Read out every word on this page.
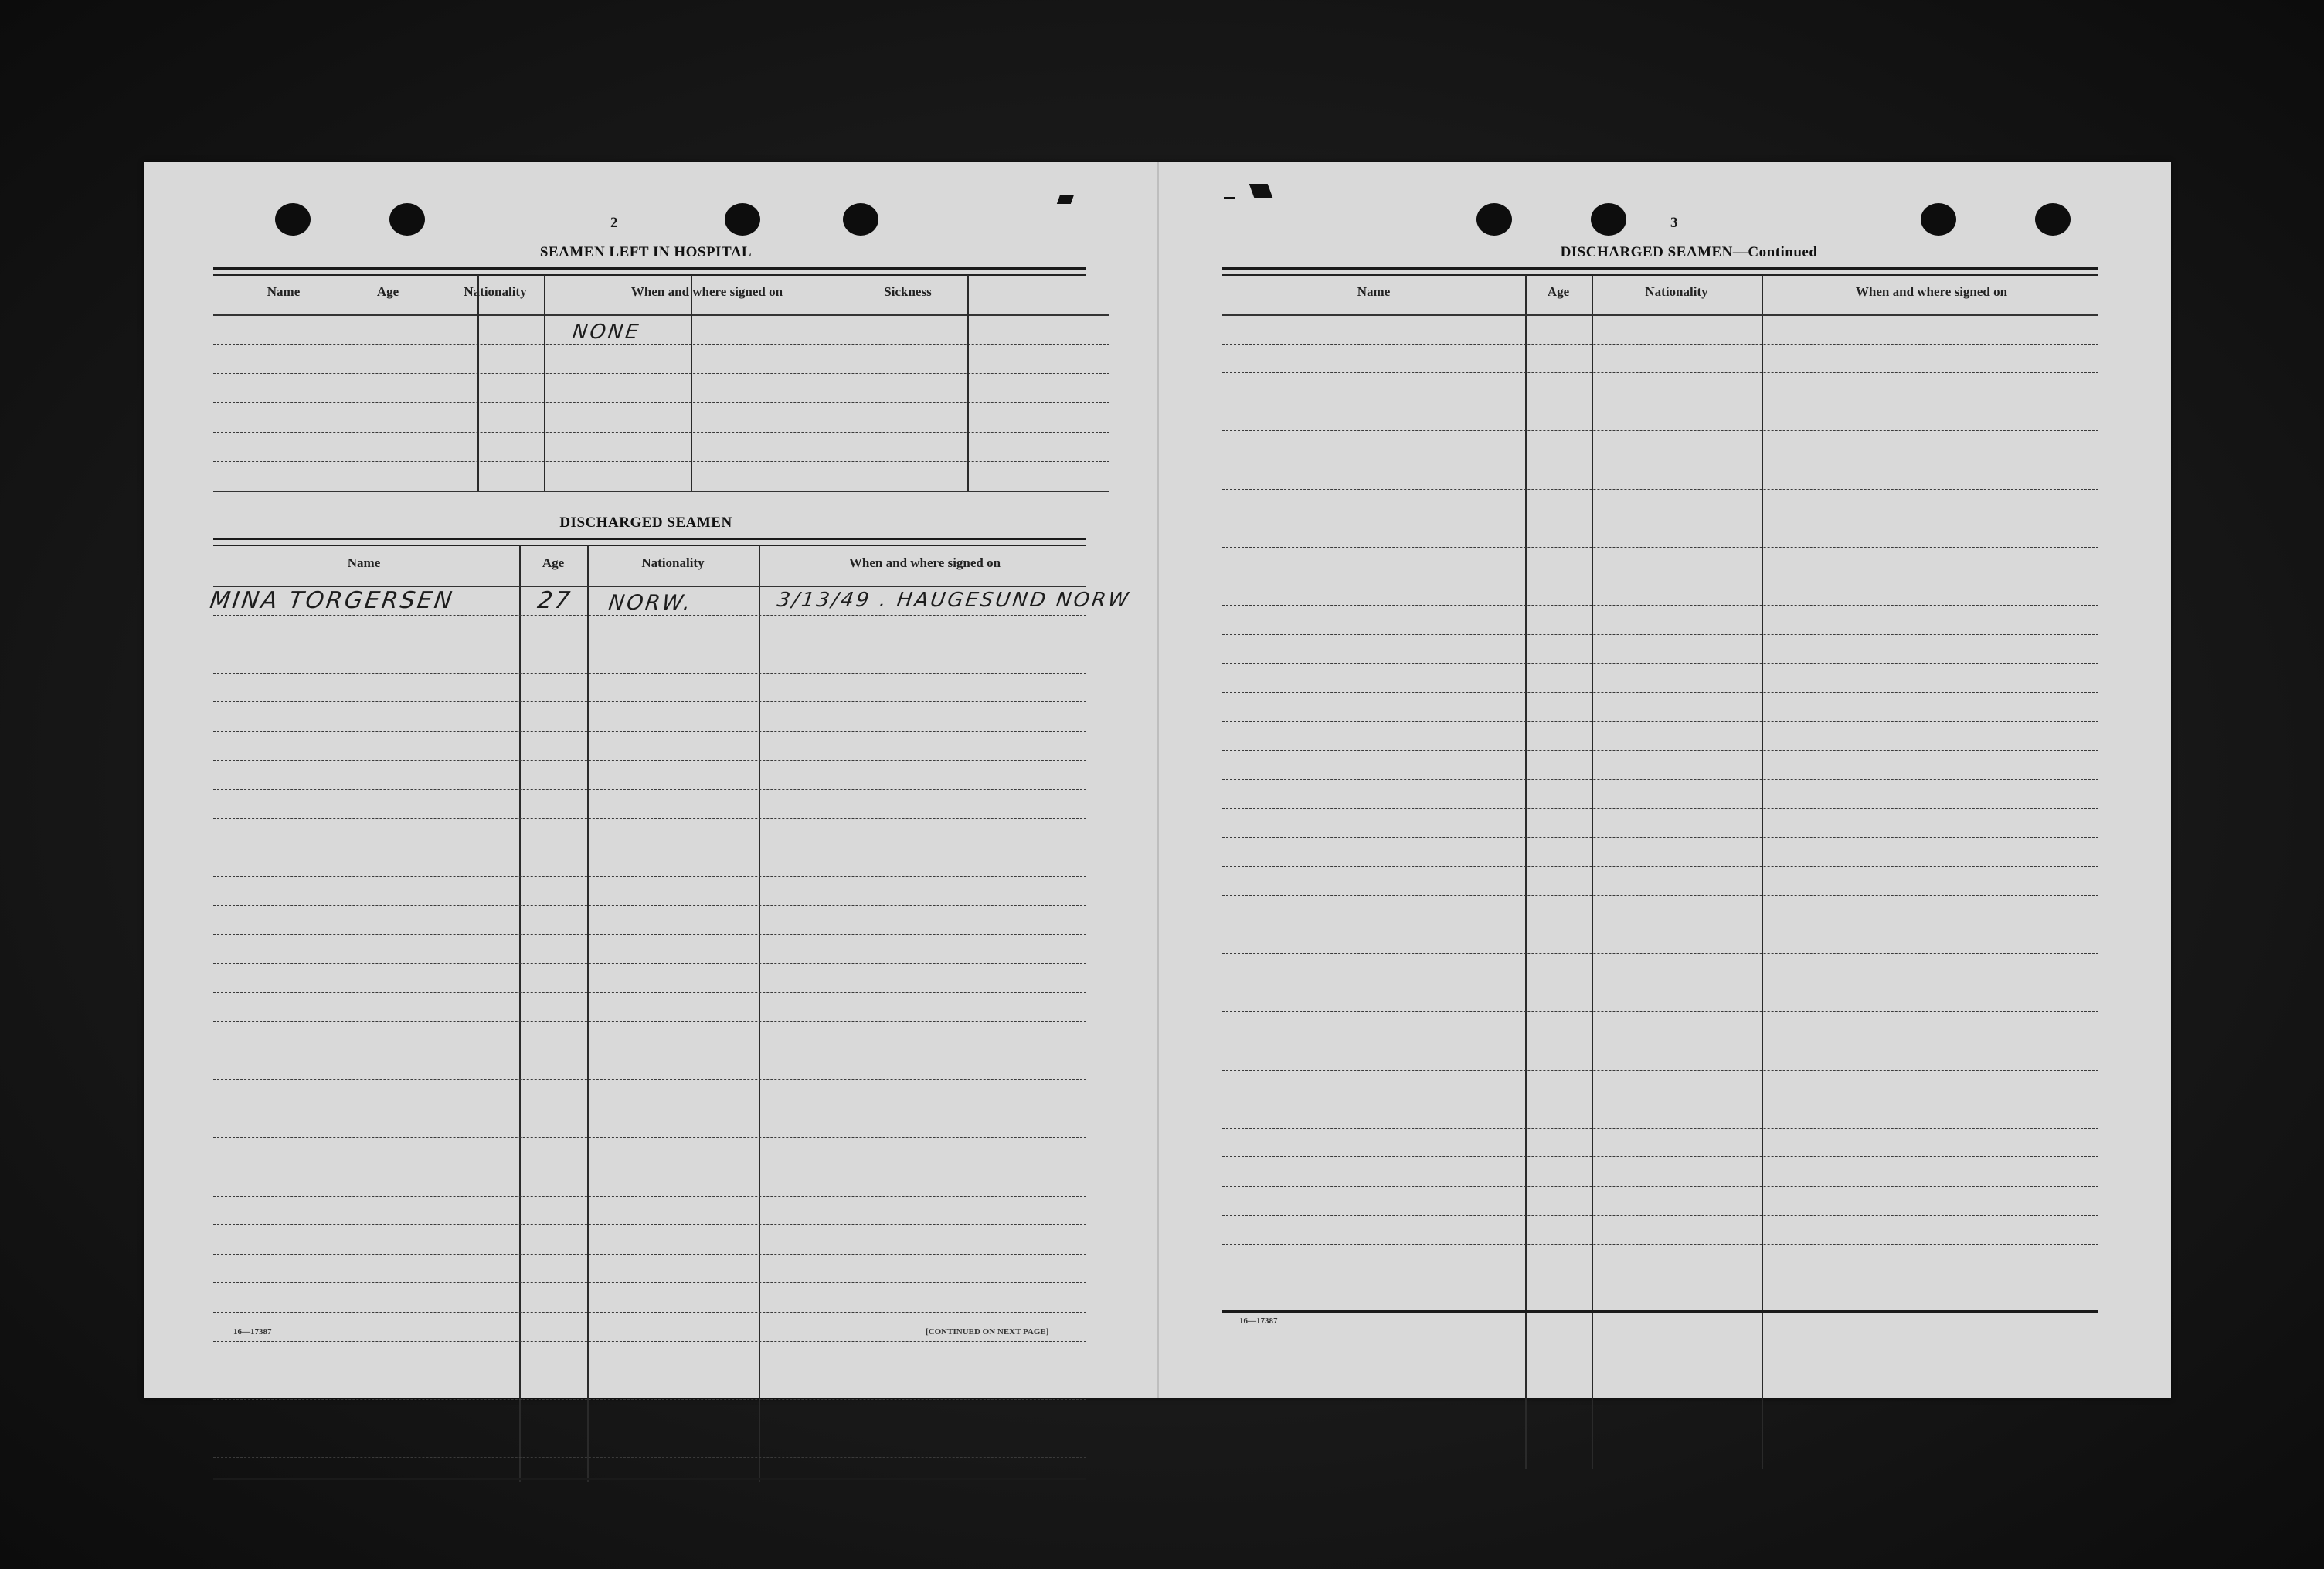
2
SEAMEN LEFT IN HOSPITAL
Name	Age	Nationality	When and where signed on	Sickness
NONE
DISCHARGED SEAMEN
Name	Age	Nationality	When and where signed on
MINA TORGERSEN	27 NORW.	3/13/49 . HAUGESUND NORW
16—17387	[CONTINUED ON NEXT PAGE]
3
DISCHARGED SEAMEN—Continued
Name	Age	Nationality	When and where signed on
16—17387
